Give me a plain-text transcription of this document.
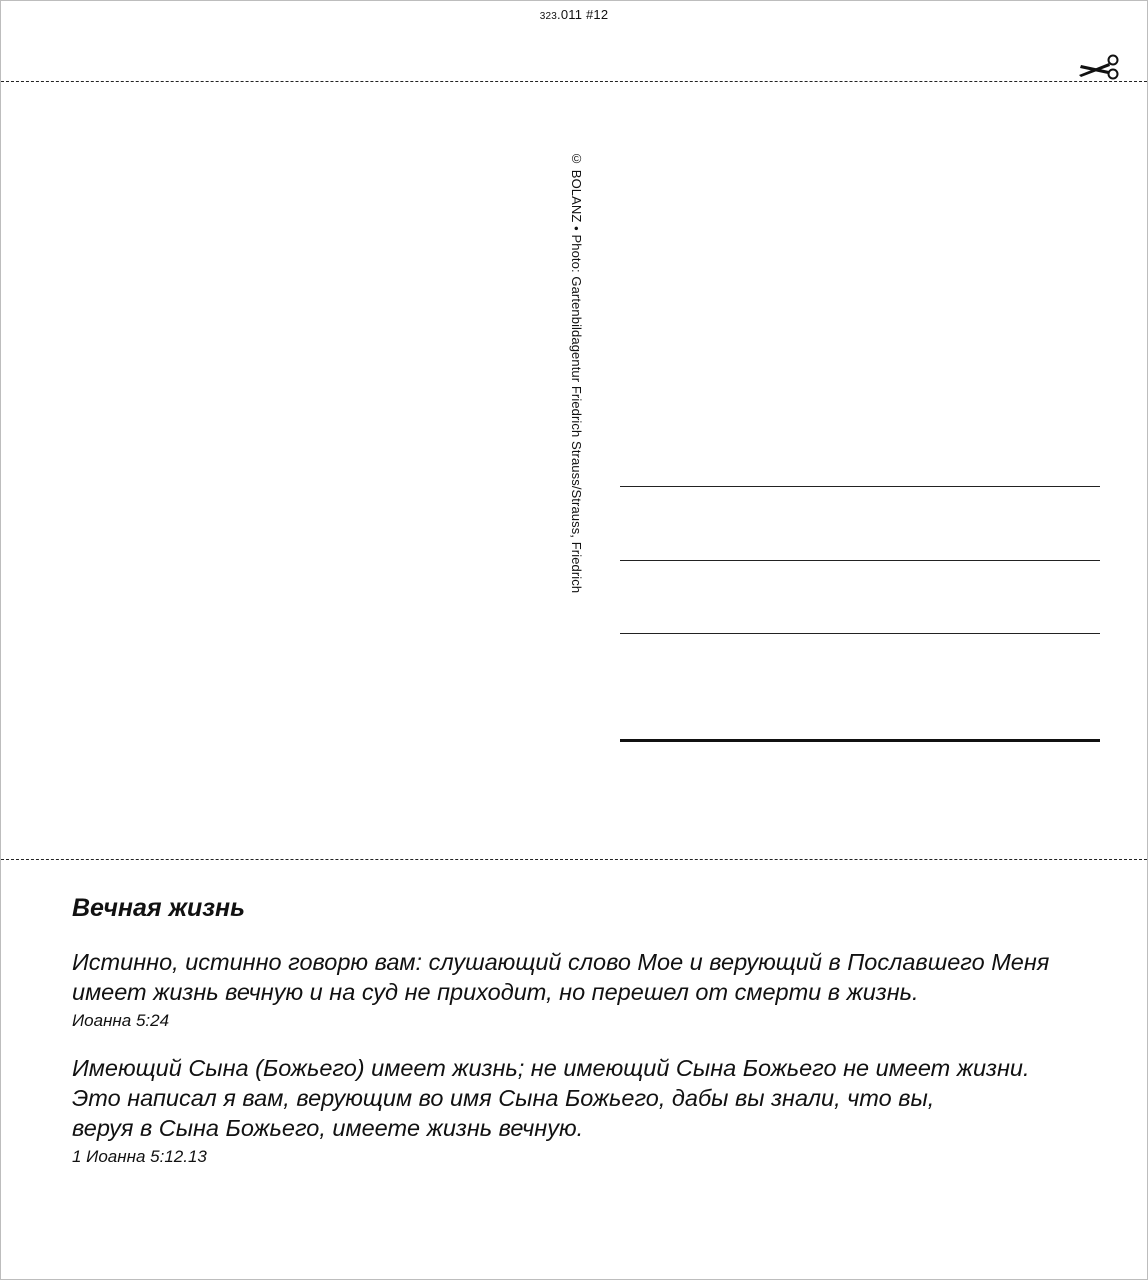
323.011 #12
© BOLANZ • Photo: Gartenbildagentur Friedrich Strauss/Strauss, Friedrich
Вечная жизнь

Истинно, истинно говорю вам: слушающий слово Мое и верующий в Пославшего Меня
имеет жизнь вечную и на суд не приходит, но перешел от смерти в жизнь.

Иоанна 5:24

Имеющий Сына (Божьего) имеет жизнь; не имеющий Сына Божьего не имеет жизни.
Это написал я вам, верующим во имя Сына Божьего, дабы вы знали, что вы,
веруя в Сына Божьего, имеете жизнь вечную.

1 Иоанна 5:12.13
